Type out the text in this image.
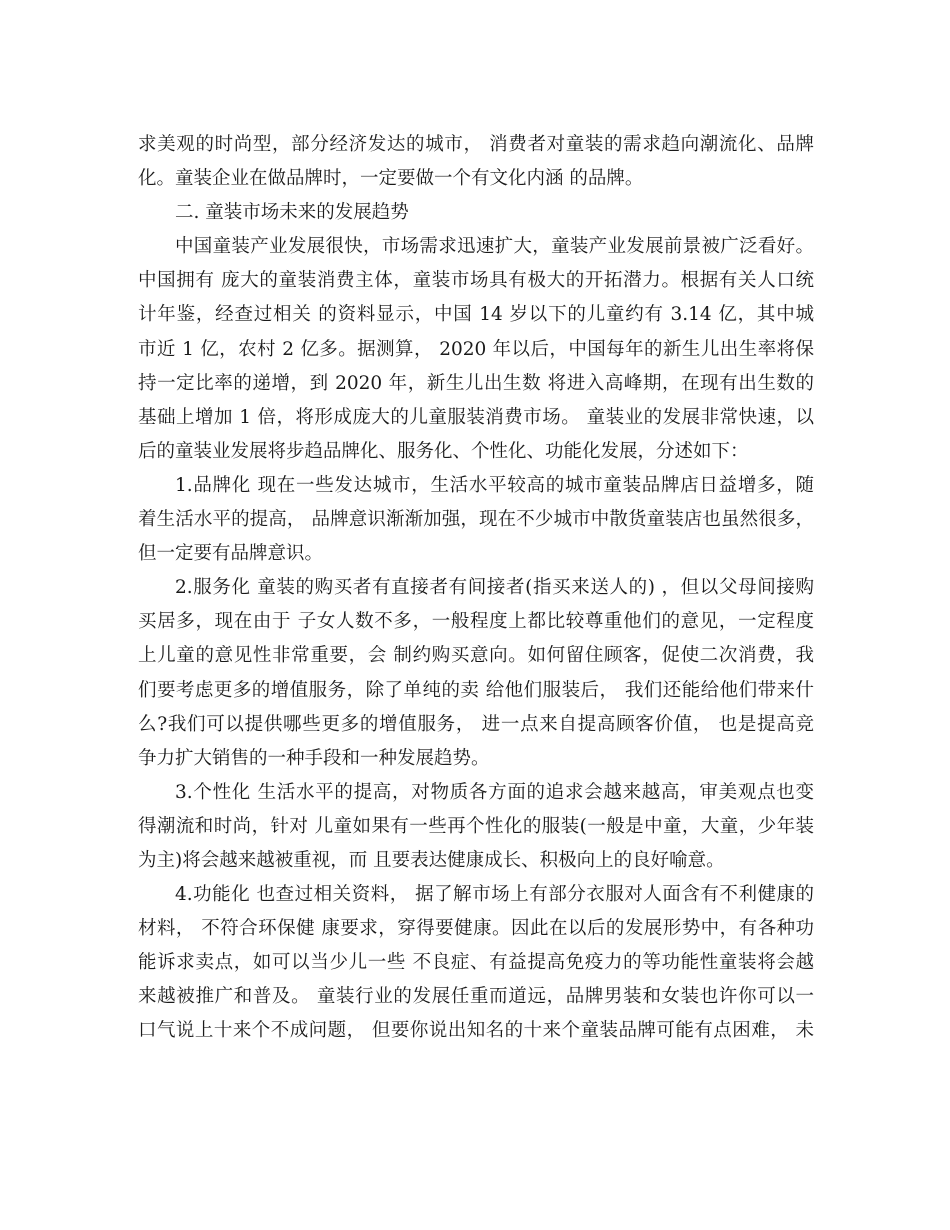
求美观的时尚型，部分经济发达的城市， 消费者对童装的需求趋向潮流化、品牌
化。童装企业在做品牌时，一定要做一个有文化内涵 的品牌。
二. 童装市场未来的发展趋势
中国童装产业发展很快，市场需求迅速扩大，童装产业发展前景被广泛看好。
中国拥有 庞大的童装消费主体，童装市场具有极大的开拓潜力。根据有关人口统
计年鉴，经查过相关 的资料显示，中国 14 岁以下的儿童约有 3.14 亿，其中城
市近 1 亿，农村 2 亿多。据测算， 2020 年以后，中国每年的新生儿出生率将保
持一定比率的递增，到 2020 年，新生儿出生数 将进入高峰期，在现有出生数的
基础上增加 1 倍，将形成庞大的儿童服装消费市场。 童装业的发展非常快速，以
后的童装业发展将步趋品牌化、服务化、个性化、功能化发展，分述如下：
1.品牌化 现在一些发达城市，生活水平较高的城市童装品牌店日益增多，随
着生活水平的提高， 品牌意识渐渐加强，现在不少城市中散货童装店也虽然很多，
但一定要有品牌意识。
2.服务化 童装的购买者有直接者有间接者(指买来送人的) ，但以父母间接购
买居多，现在由于 子女人数不多，一般程度上都比较尊重他们的意见，一定程度
上儿童的意见性非常重要，会 制约购买意向。如何留住顾客，促使二次消费，我
们要考虑更多的增值服务，除了单纯的卖 给他们服装后， 我们还能给他们带来什
么?我们可以提供哪些更多的增值服务， 进一点来自提高顾客价值， 也是提高竞
争力扩大销售的一种手段和一种发展趋势。
3.个性化 生活水平的提高，对物质各方面的追求会越来越高，审美观点也变
得潮流和时尚，针对 儿童如果有一些再个性化的服装(一般是中童，大童，少年装
为主)将会越来越被重视，而 且要表达健康成长、积极向上的良好喻意。
4.功能化 也查过相关资料， 据了解市场上有部分衣服对人面含有不利健康的
材料， 不符合环保健 康要求，穿得要健康。因此在以后的发展形势中，有各种功
能诉求卖点，如可以当少儿一些 不良症、有益提高免疫力的等功能性童装将会越
来越被推广和普及。 童装行业的发展任重而道远，品牌男装和女装也许你可以一
口气说上十来个不成问题， 但要你说出知名的十来个童装品牌可能有点困难， 未
